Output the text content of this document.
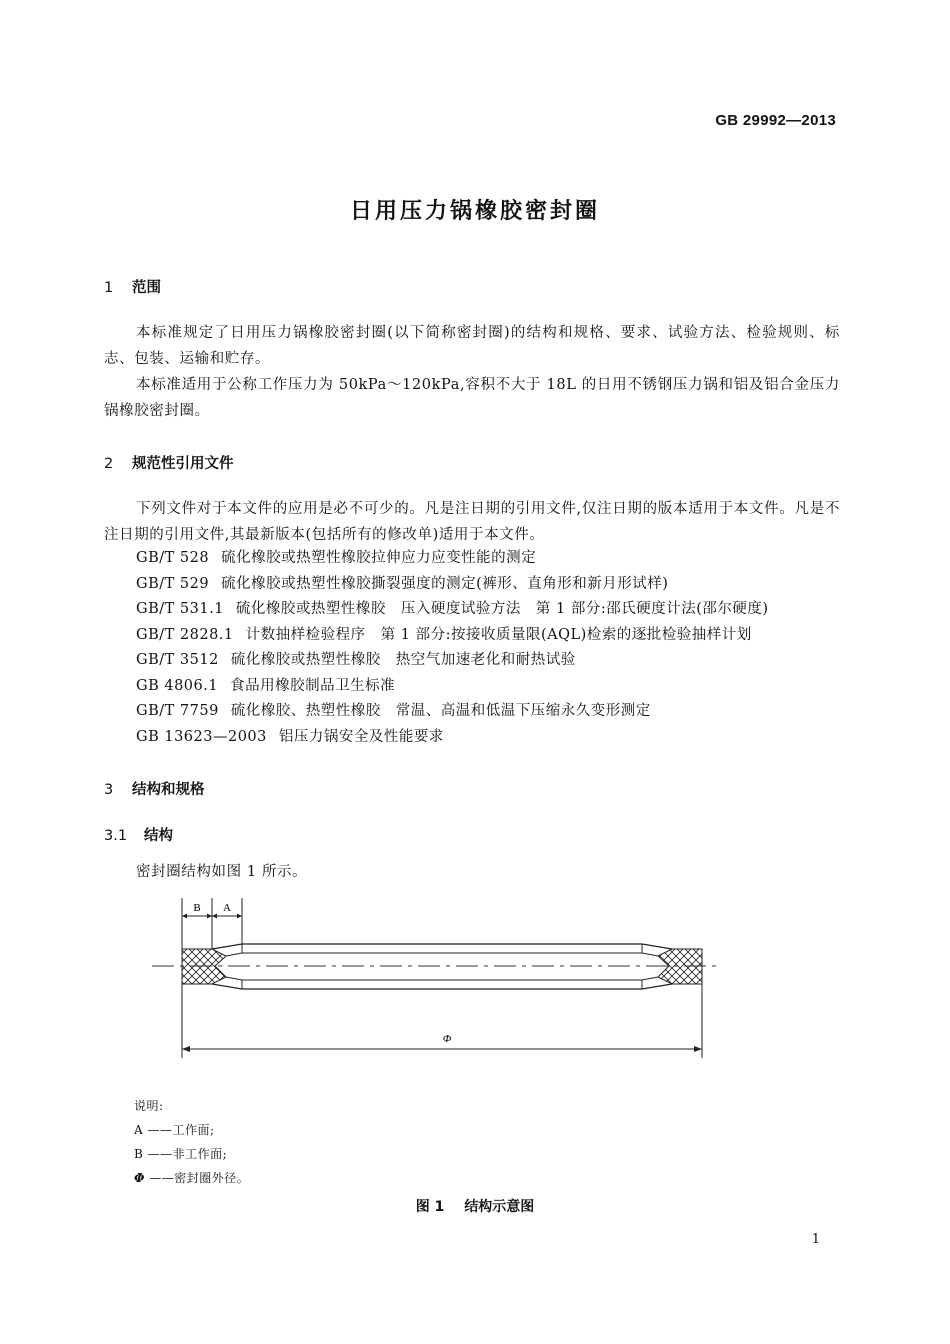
GB 29992—2013
日用压力锅橡胶密封圈
1 范围
本标准规定了日用压力锅橡胶密封圈(以下简称密封圈)的结构和规格、要求、试验方法、检验规则、标志、包装、运输和贮存。
本标准适用于公称工作压力为 50kPa～120kPa,容积不大于 18L 的日用不锈钢压力锅和铝及铝合金压力锅橡胶密封圈。
2 规范性引用文件
下列文件对于本文件的应用是必不可少的。凡是注日期的引用文件,仅注日期的版本适用于本文件。凡是不注日期的引用文件,其最新版本(包括所有的修改单)适用于本文件。
GB/T 528 硫化橡胶或热塑性橡胶拉伸应力应变性能的测定
GB/T 529 硫化橡胶或热塑性橡胶撕裂强度的测定(裤形、直角形和新月形试样)
GB/T 531.1 硫化橡胶或热塑性橡胶　压入硬度试验方法　第 1 部分:邵氏硬度计法(邵尔硬度)
GB/T 2828.1 计数抽样检验程序　第 1 部分:按接收质量限(AQL)检索的逐批检验抽样计划
GB/T 3512 硫化橡胶或热塑性橡胶　热空气加速老化和耐热试验
GB 4806.1 食品用橡胶制品卫生标准
GB/T 7759 硫化橡胶、热塑性橡胶　常温、高温和低温下压缩永久变形测定
GB 13623—2003 铝压力锅安全及性能要求
3 结构和规格
3.1 结构
密封圈结构如图 1 所示。
B A
Φ
说明:
A ——工作面;
B ——非工作面;
Φ ——密封圈外径。
图 1 结构示意图
1
